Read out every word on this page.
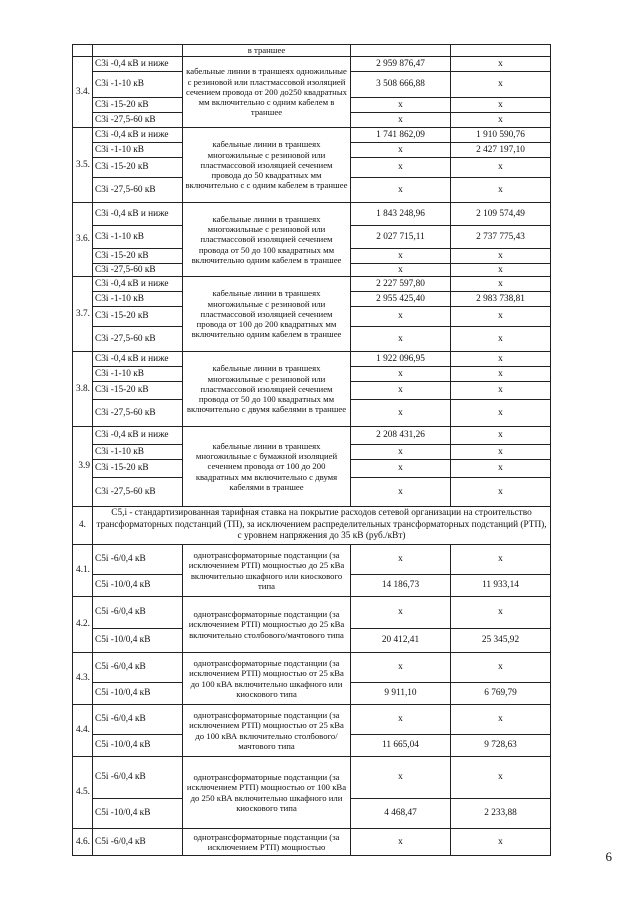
		в траншее		
3.4.	С3i -0,4 кВ и ниже	кабельные линии в траншеях одножильные с резиновой или пластмассовой изоляцией сечением провода от 200 до250 квадратных мм включительно с одним кабелем в траншее	2 959 876,47	x
	С3i -1-10 кВ		3 508 666,88	x
	С3i -15-20 кВ		x	x
	С3i -27,5-60 кВ		x	x
3.5.	С3i -0,4 кВ и ниже	кабельные линии в траншеях многожильные с резиновой или пластмассовой изоляцией сечением провода до 50 квадратных мм включительно с с одним кабелем в траншее	1 741 862,09	1 910 590,76
	С3i -1-10 кВ		x	2 427 197,10
	С3i -15-20 кВ		x	x
	С3i -27,5-60 кВ		x	x
3.6.	С3i -0,4 кВ и ниже	кабельные линии в траншеях многожильные с резиновой или пластмассовой изоляцией сечением провода от 50 до 100 квадратных мм включительно одним кабелем в траншее	1 843 248,96	2 109 574,49
	С3i -1-10 кВ		2 027 715,11	2 737 775,43
	С3i -15-20 кВ		x	x
	С3i -27,5-60 кВ		x	x
3.7.	С3i -0,4 кВ и ниже	кабельные линии в траншеях многожильные с резиновой или пластмассовой изоляцией сечением провода от 100 до 200 квадратных мм включительно одним кабелем в траншее	2 227 597,80	x
	С3i -1-10 кВ		2 955 425,40	2 983 738,81
	С3i -15-20 кВ		x	x
	С3i -27,5-60 кВ		x	x
3.8.	С3i -0,4 кВ и ниже	кабельные линии в траншеях многожильные с резиновой или пластмассовой изоляцией сечением провода от 50 до 100 квадратных мм включительно с двумя кабелями в траншее	1 922 096,95	x
	С3i -1-10 кВ		x	x
	С3i -15-20 кВ		x	x
	С3i -27,5-60 кВ		x	x
3.9	С3i -0,4 кВ и ниже	кабельные линии в траншеях многожильные с бумажной изоляцией сечением провода от 100 до 200 квадратных мм включительно с двумя кабелями в траншее	2 208 431,26	x
	С3i -1-10 кВ		x	x
	С3i -15-20 кВ		x	x
	С3i -27,5-60 кВ		x	x
4.	С5,i - стандартизированная тарифная ставка на покрытие расходов сетевой организации на строительство трансформаторных подстанций (ТП), за исключением распределительных трансформаторных подстанций (РТП), с уровнем напряжения до 35 кВ (руб./кВт)			
4.1.	С5i -6/0,4 кВ	однотрансформаторные подстанции (за исключением РТП) мощностью до 25 кВа включительно шкафного или киоскового типа	x	x
	С5i -10/0,4 кВ		14 186,73	11 933,14
4.2.	С5i -6/0,4 кВ	однотрансформаторные подстанции (за исключением РТП) мощностью до 25 кВа включительно столбового/мачтового типа	x	x
	С5i -10/0,4 кВ		20 412,41	25 345,92
4.3.	С5i -6/0,4 кВ	однотрансформаторные подстанции (за исключением РТП) мощностью от 25 кВа до 100 кВА включительно шкафного или киоскового типа	x	x
	С5i -10/0,4 кВ		9 911,10	6 769,79
4.4.	С5i -6/0,4 кВ	однотрансформаторные подстанции (за исключением РТП) мощностью от 25 кВа до 100 кВА включительно столбового/мачтового типа	x	x
	С5i -10/0,4 кВ		11 665,04	9 728,63
4.5.	С5i -6/0,4 кВ	однотрансформаторные подстанции (за исключением РТП) мощностью от 100 кВа до 250 кВА включительно шкафного или киоскового типа	x	x
	С5i -10/0,4 кВ		4 468,47	2 233,88
4.6.	С5i -6/0,4 кВ	однотрансформаторные подстанции (за исключением РТП) мощностью	x	x
6
